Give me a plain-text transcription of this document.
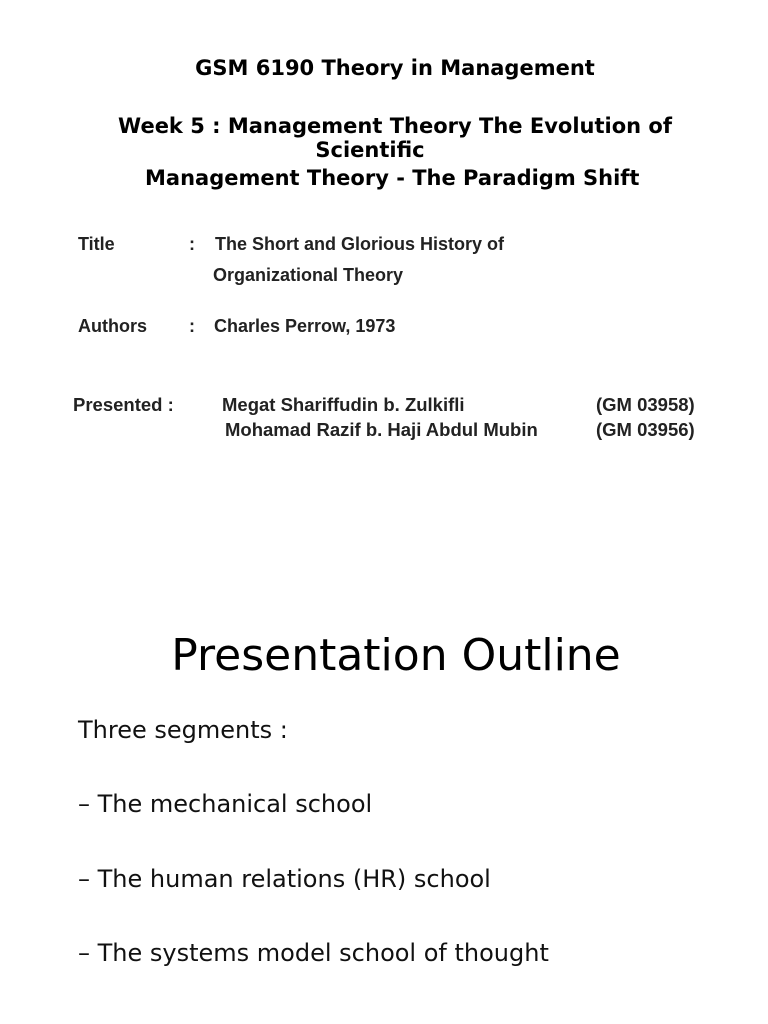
GSM 6190 Theory in Management
Week 5 : Management Theory The Evolution of
Scientific
Management Theory - The Paradigm Shift
Title	: The Short and Glorious History of
Organizational Theory
Authors : Charles Perrow, 1973
Presented :	Megat Shariffudin b. Zulkifli	(GM 03958)
Mohamad Razif b. Haji Abdul Mubin	(GM 03956)
Presentation Outline
Three segments :
– The mechanical school
– The human relations (HR) school
– The systems model school of thought
